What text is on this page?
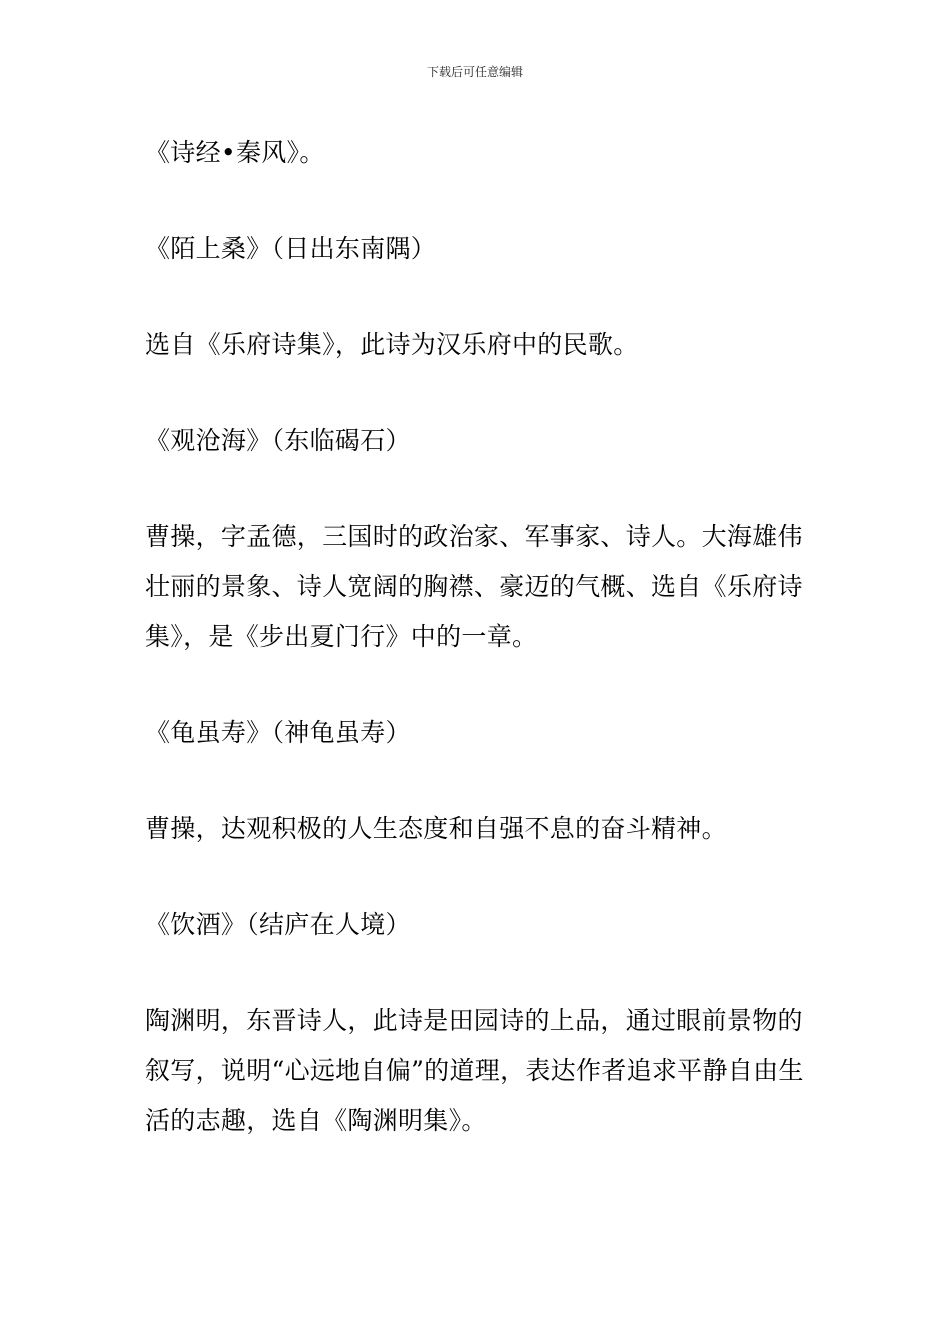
下载后可任意编辑

《诗经•秦风》。

《陌上桑》（日出东南隅）

选自《乐府诗集》，此诗为汉乐府中的民歌。

《观沧海》（东临碣石）

曹操，字孟德，三国时的政治家、军事家、诗人。大海雄伟壮丽的景象、诗人宽阔的胸襟、豪迈的气概、选自《乐府诗集》，是《步出夏门行》中的一章。

《龟虽寿》（神龟虽寿）

曹操，达观积极的人生态度和自强不息的奋斗精神。

《饮酒》（结庐在人境）

陶渊明，东晋诗人，此诗是田园诗的上品，通过眼前景物的叙写，说明“心远地自偏”的道理，表达作者追求平静自由生活的志趣，选自《陶渊明集》。
